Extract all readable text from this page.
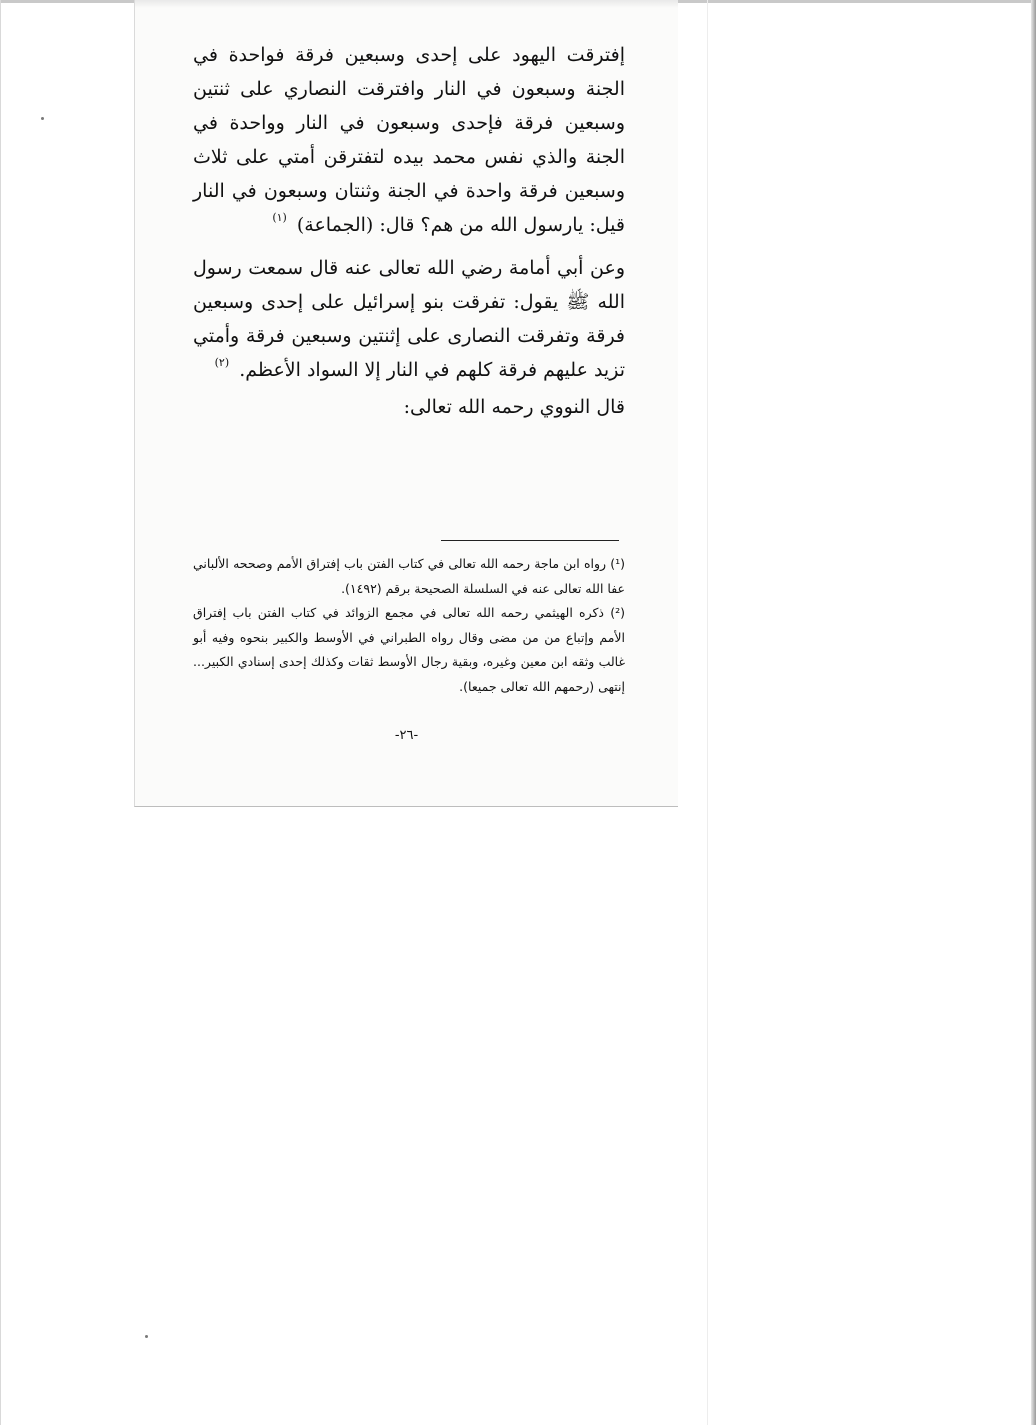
إفترقت اليهود على إحدى وسبعين فرقة فواحدة في الجنة وسبعون في النار وافترقت النصاري على ثنتين وسبعين فرقة فإحدى وسبعون في النار وواحدة في الجنة والذي نفس محمد بيده لتفترقن أمتي على ثلاث وسبعين فرقة واحدة في الجنة وثنتان وسبعون في النار قيل: يارسول الله من هم؟ قال: (الجماعة) $^{(١)}$

وعن أبي أمامة رضي الله تعالى عنه قال سمعت رسول الله ﷺ يقول: تفرقت بنو إسرائيل على إحدى وسبعين فرقة وتفرقت النصارى على إثنتين وسبعين فرقة وأمتي تزيد عليهم فرقة كلهم في النار إلا السواد الأعظم. $^{(٢)}$

قال النووي رحمه الله تعالى:

(¹) رواه ابن ماجة رحمه الله تعالى في كتاب الفتن باب إفتراق الأمم وصححه الألباني عفا الله تعالى عنه في السلسلة الصحيحة برقم (١٤٩٢).

(²) ذكره الهيثمي رحمه الله تعالى في مجمع الزوائد في كتاب الفتن باب إفتراق الأمم وإتباع من من مضى وقال رواه الطبراني في الأوسط والكبير بنحوه وفيه أبو غالب وثقه ابن معين وغيره، وبقية رجال الأوسط ثقات وكذلك إحدى إسنادي الكبير... إنتهى (رحمهم الله تعالى جميعا).

-٢٦-
